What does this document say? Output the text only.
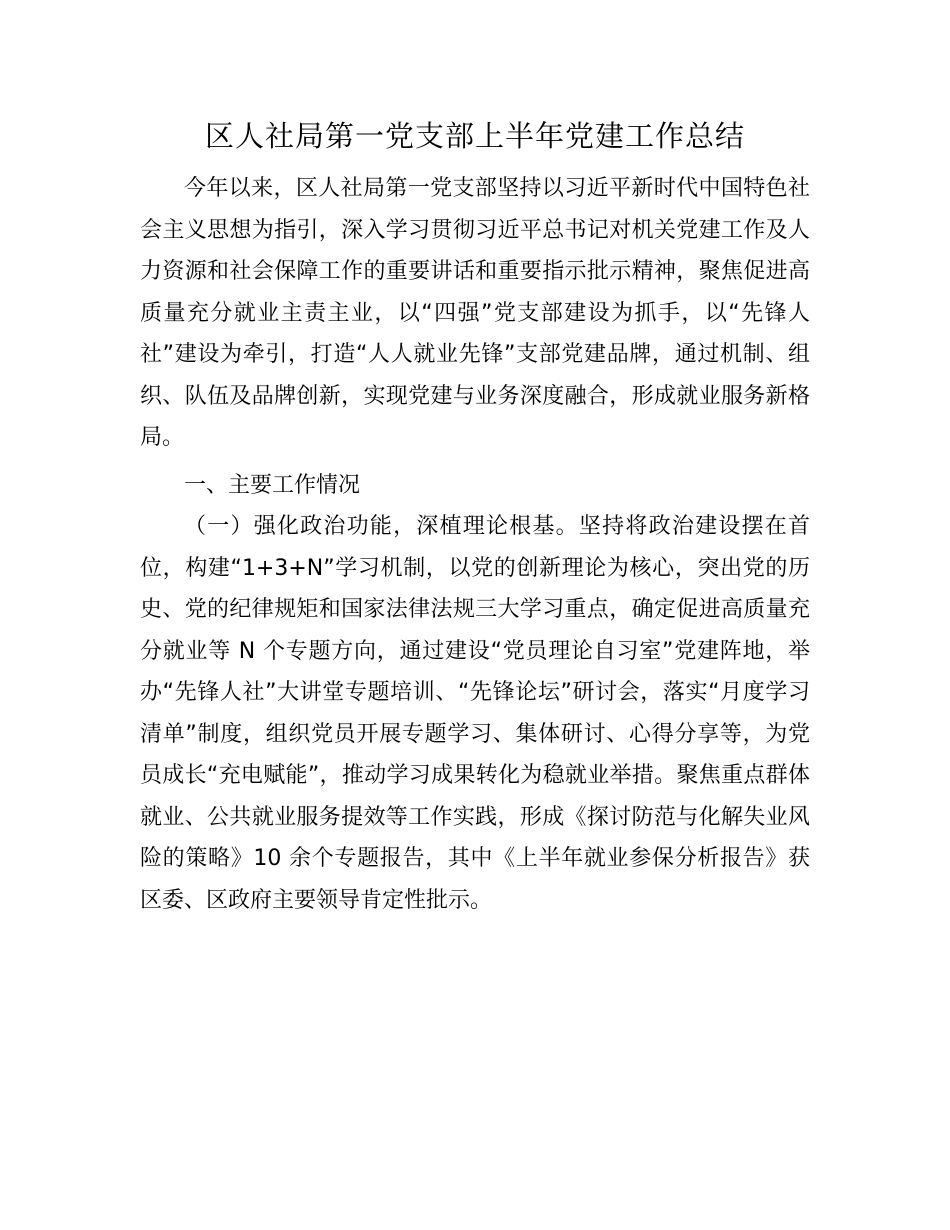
区人社局第一党支部上半年党建工作总结

今年以来，区人社局第一党支部坚持以习近平新时代中国特色社会主义思想为指引，深入学习贯彻习近平总书记对机关党建工作及人力资源和社会保障工作的重要讲话和重要指示批示精神，聚焦促进高质量充分就业主责主业，以“四强”党支部建设为抓手，以“先锋人社”建设为牵引，打造“人人就业先锋”支部党建品牌，通过机制、组织、队伍及品牌创新，实现党建与业务深度融合，形成就业服务新格局。

一、主要工作情况

（一）强化政治功能，深植理论根基。坚持将政治建设摆在首位，构建“1+3+N”学习机制，以党的创新理论为核心，突出党的历史、党的纪律规矩和国家法律法规三大学习重点，确定促进高质量充分就业等 N 个专题方向，通过建设“党员理论自习室”党建阵地，举办“先锋人社”大讲堂专题培训、“先锋论坛”研讨会，落实“月度学习清单”制度，组织党员开展专题学习、集体研讨、心得分享等，为党员成长“充电赋能”，推动学习成果转化为稳就业举措。聚焦重点群体就业、公共就业服务提效等工作实践，形成《探讨防范与化解失业风险的策略》10 余个专题报告，其中《上半年就业参保分析报告》获区委、区政府主要领导肯定性批示。
